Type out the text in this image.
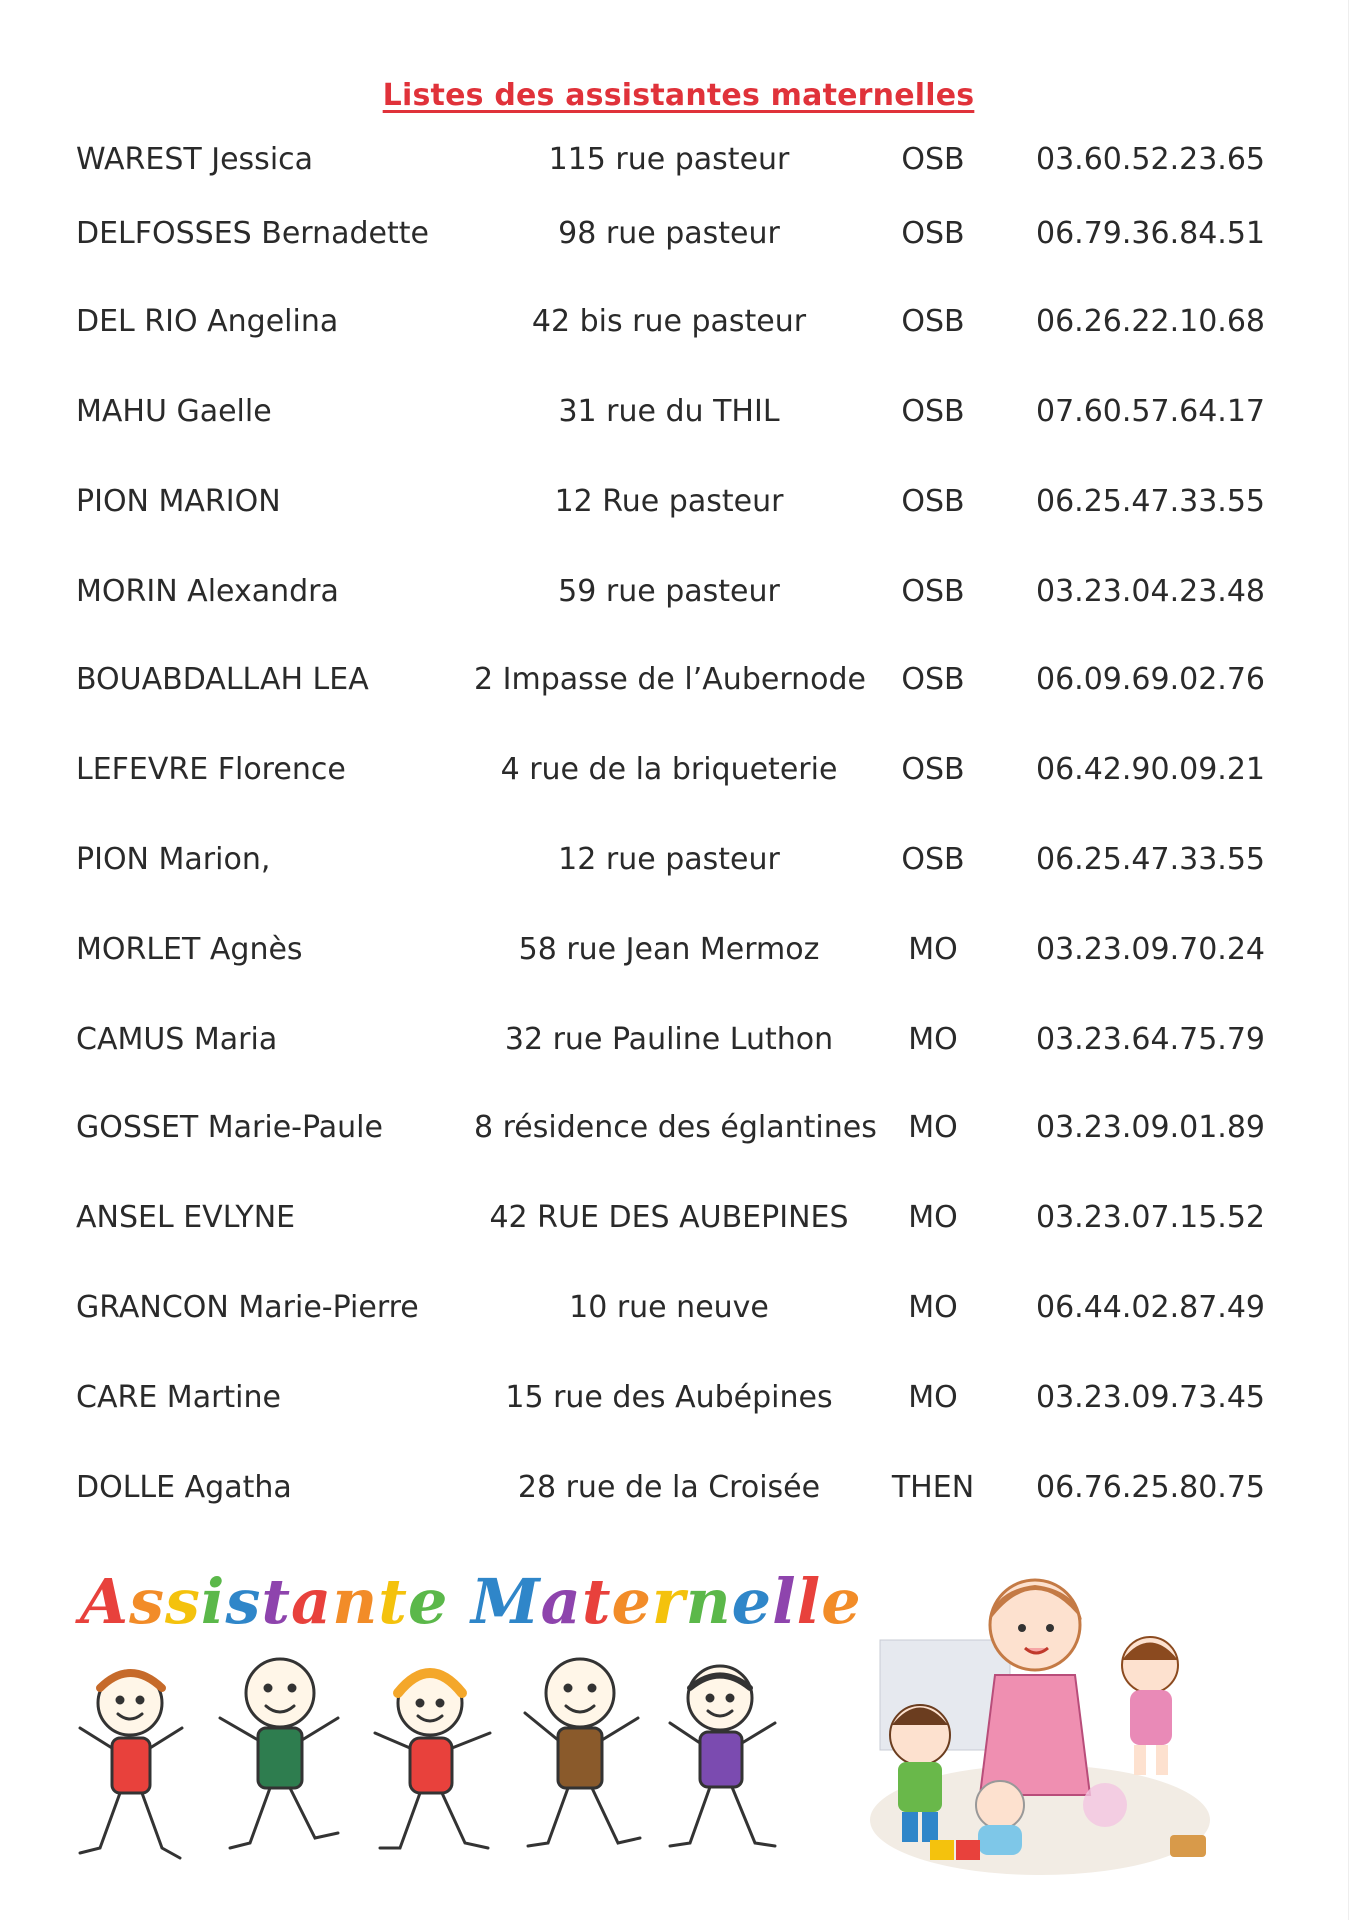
Listes des assistantes maternelles
WAREST Jessica	115 rue pasteur	OSB	03.60.52.23.65
DELFOSSES Bernadette	98 rue pasteur	OSB	06.79.36.84.51
DEL RIO Angelina	42 bis rue pasteur	OSB	06.26.22.10.68
MAHU Gaelle	31 rue du THIL	OSB	07.60.57.64.17
PION MARION	12 Rue pasteur	OSB	06.25.47.33.55
MORIN Alexandra	59 rue pasteur	OSB	03.23.04.23.48
BOUABDALLAH LEA	2 Impasse de l’Aubernode	OSB	06.09.69.02.76
LEFEVRE Florence	4 rue de la briqueterie	OSB	06.42.90.09.21
PION Marion,	12 rue pasteur	OSB	06.25.47.33.55
MORLET Agnès	58 rue Jean Mermoz	MO	03.23.09.70.24
CAMUS Maria	32 rue Pauline Luthon	MO	03.23.64.75.79
GOSSET Marie-Paule	8 résidence des églantines	MO	03.23.09.01.89
ANSEL EVLYNE	42 RUE DES AUBEPINES	MO	03.23.07.15.52
GRANCON Marie-Pierre	10 rue neuve	MO	06.44.02.87.49
CARE Martine	15 rue des Aubépines	MO	03.23.09.73.45
DOLLE Agatha	28 rue de la Croisée	THEN	06.76.25.80.75
Assistante Maternelle
